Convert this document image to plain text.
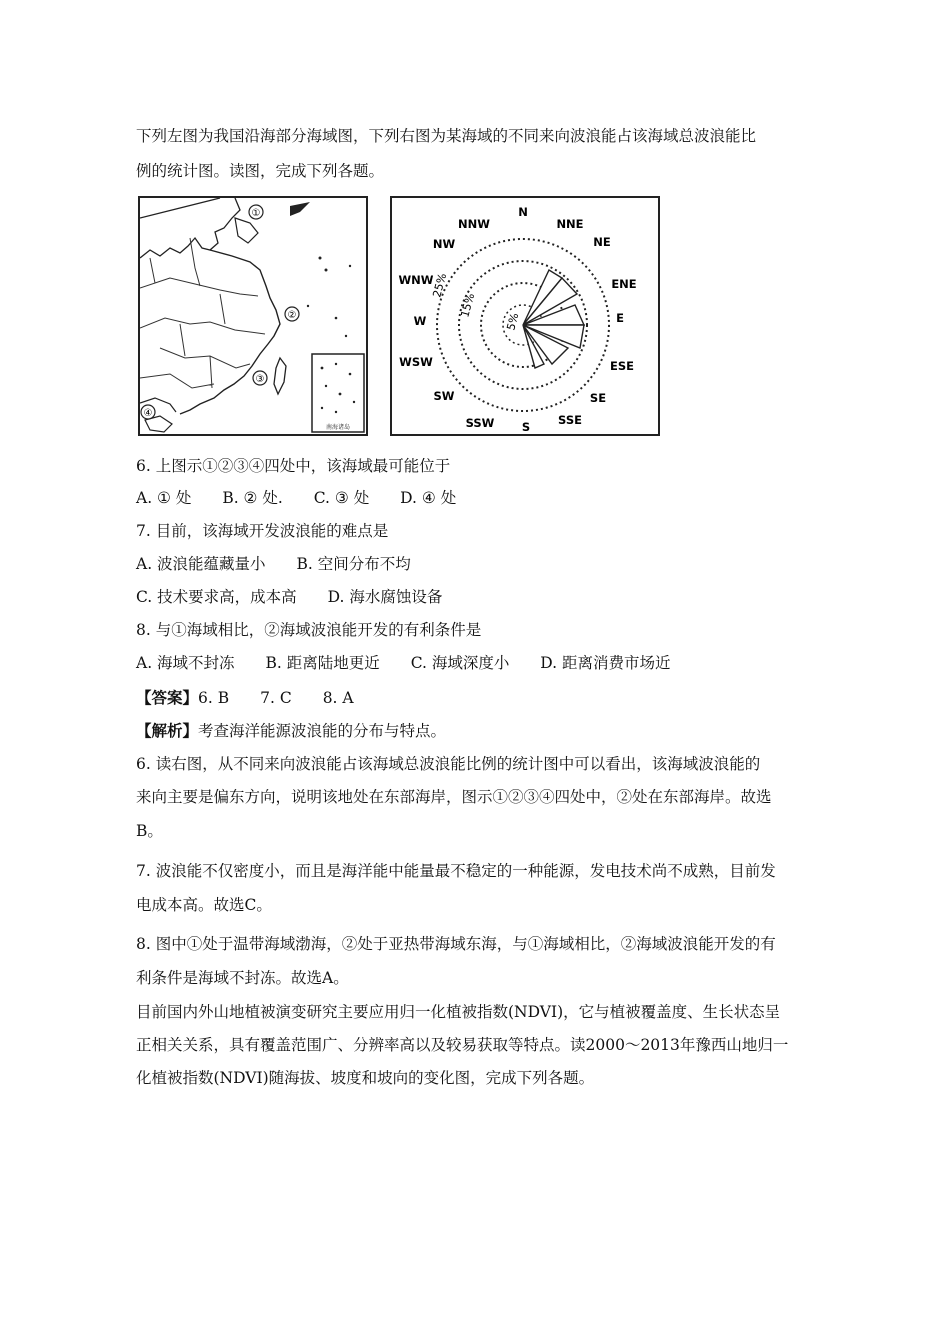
下列左图为我国沿海部分海域图，下列右图为某海域的不同来向波浪能占该海域总波浪能比

例的统计图。读图，完成下列各题。

南海诸岛
①
②
③
④
5%
15%
25%
N
NNE
NE
ENE
E
ESE
SE
SSE
S
SSW
SW
WSW
W
WNW
NW
NNW

6. 上图示①②③④四处中，该海域最可能位于

A. ① 处 B. ② 处. C. ③ 处 D. ④ 处

7. 目前，该海域开发波浪能的难点是

A. 波浪能蕴藏量小 B. 空间分布不均

C. 技术要求高，成本高 D. 海水腐蚀设备

8. 与①海域相比，②海域波浪能开发的有利条件是

A. 海域不封冻 B. 距离陆地更近 C. 海域深度小 D. 距离消费市场近

【答案】6. B　　7. C　　8. A

【解析】考查海洋能源波浪能的分布与特点。

6. 读右图，从不同来向波浪能占该海域总波浪能比例的统计图中可以看出，该海域波浪能的

来向主要是偏东方向，说明该地处在东部海岸，图示①②③④四处中，②处在东部海岸。故选

B。

7. 波浪能不仅密度小，而且是海洋能中能量最不稳定的一种能源，发电技术尚不成熟，目前发

电成本高。故选C。

8. 图中①处于温带海域渤海，②处于亚热带海域东海，与①海域相比，②海域波浪能开发的有

利条件是海域不封冻。故选A。

目前国内外山地植被演变研究主要应用归一化植被指数(NDVI)，它与植被覆盖度、生长状态呈

正相关关系，具有覆盖范围广、分辨率高以及较易获取等特点。读2000～2013年豫西山地归一

化植被指数(NDVI)随海拔、坡度和坡向的变化图，完成下列各题。
